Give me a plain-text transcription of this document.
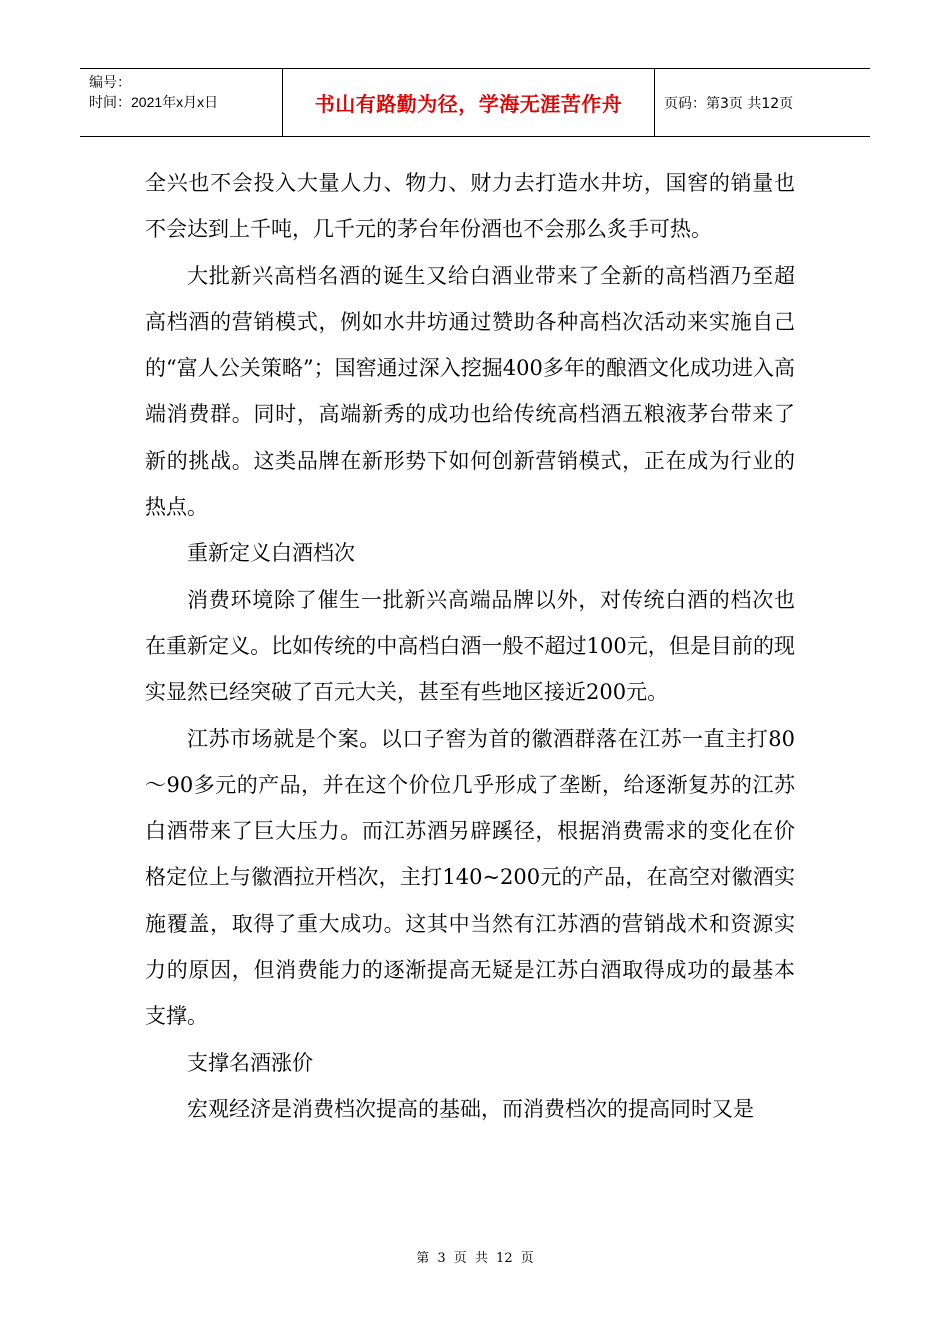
编号：
时间：2021年x月x日	书山有路勤为径，学海无涯苦作舟	页码：第3页 共12页

全兴也不会投入大量人力、物力、财力去打造水井坊，国窖的销量也不会达到上千吨，几千元的茅台年份酒也不会那么炙手可热。

大批新兴高档名酒的诞生又给白酒业带来了全新的高档酒乃至超高档酒的营销模式，例如水井坊通过赞助各种高档次活动来实施自己的“富人公关策略”；国窖通过深入挖掘400多年的酿酒文化成功进入高端消费群。同时，高端新秀的成功也给传统高档酒五粮液茅台带来了新的挑战。这类品牌在新形势下如何创新营销模式，正在成为行业的热点。

重新定义白酒档次

消费环境除了催生一批新兴高端品牌以外，对传统白酒的档次也在重新定义。比如传统的中高档白酒一般不超过100元，但是目前的现实显然已经突破了百元大关，甚至有些地区接近200元。

江苏市场就是个案。以口子窖为首的徽酒群落在江苏一直主打80～90多元的产品，并在这个价位几乎形成了垄断，给逐渐复苏的江苏白酒带来了巨大压力。而江苏酒另辟蹊径，根据消费需求的变化在价格定位上与徽酒拉开档次，主打140~200元的产品，在高空对徽酒实施覆盖，取得了重大成功。这其中当然有江苏酒的营销战术和资源实力的原因，但消费能力的逐渐提高无疑是江苏白酒取得成功的最基本支撑。

支撑名酒涨价

宏观经济是消费档次提高的基础，而消费档次的提高同时又是

第 3 页 共 12 页
